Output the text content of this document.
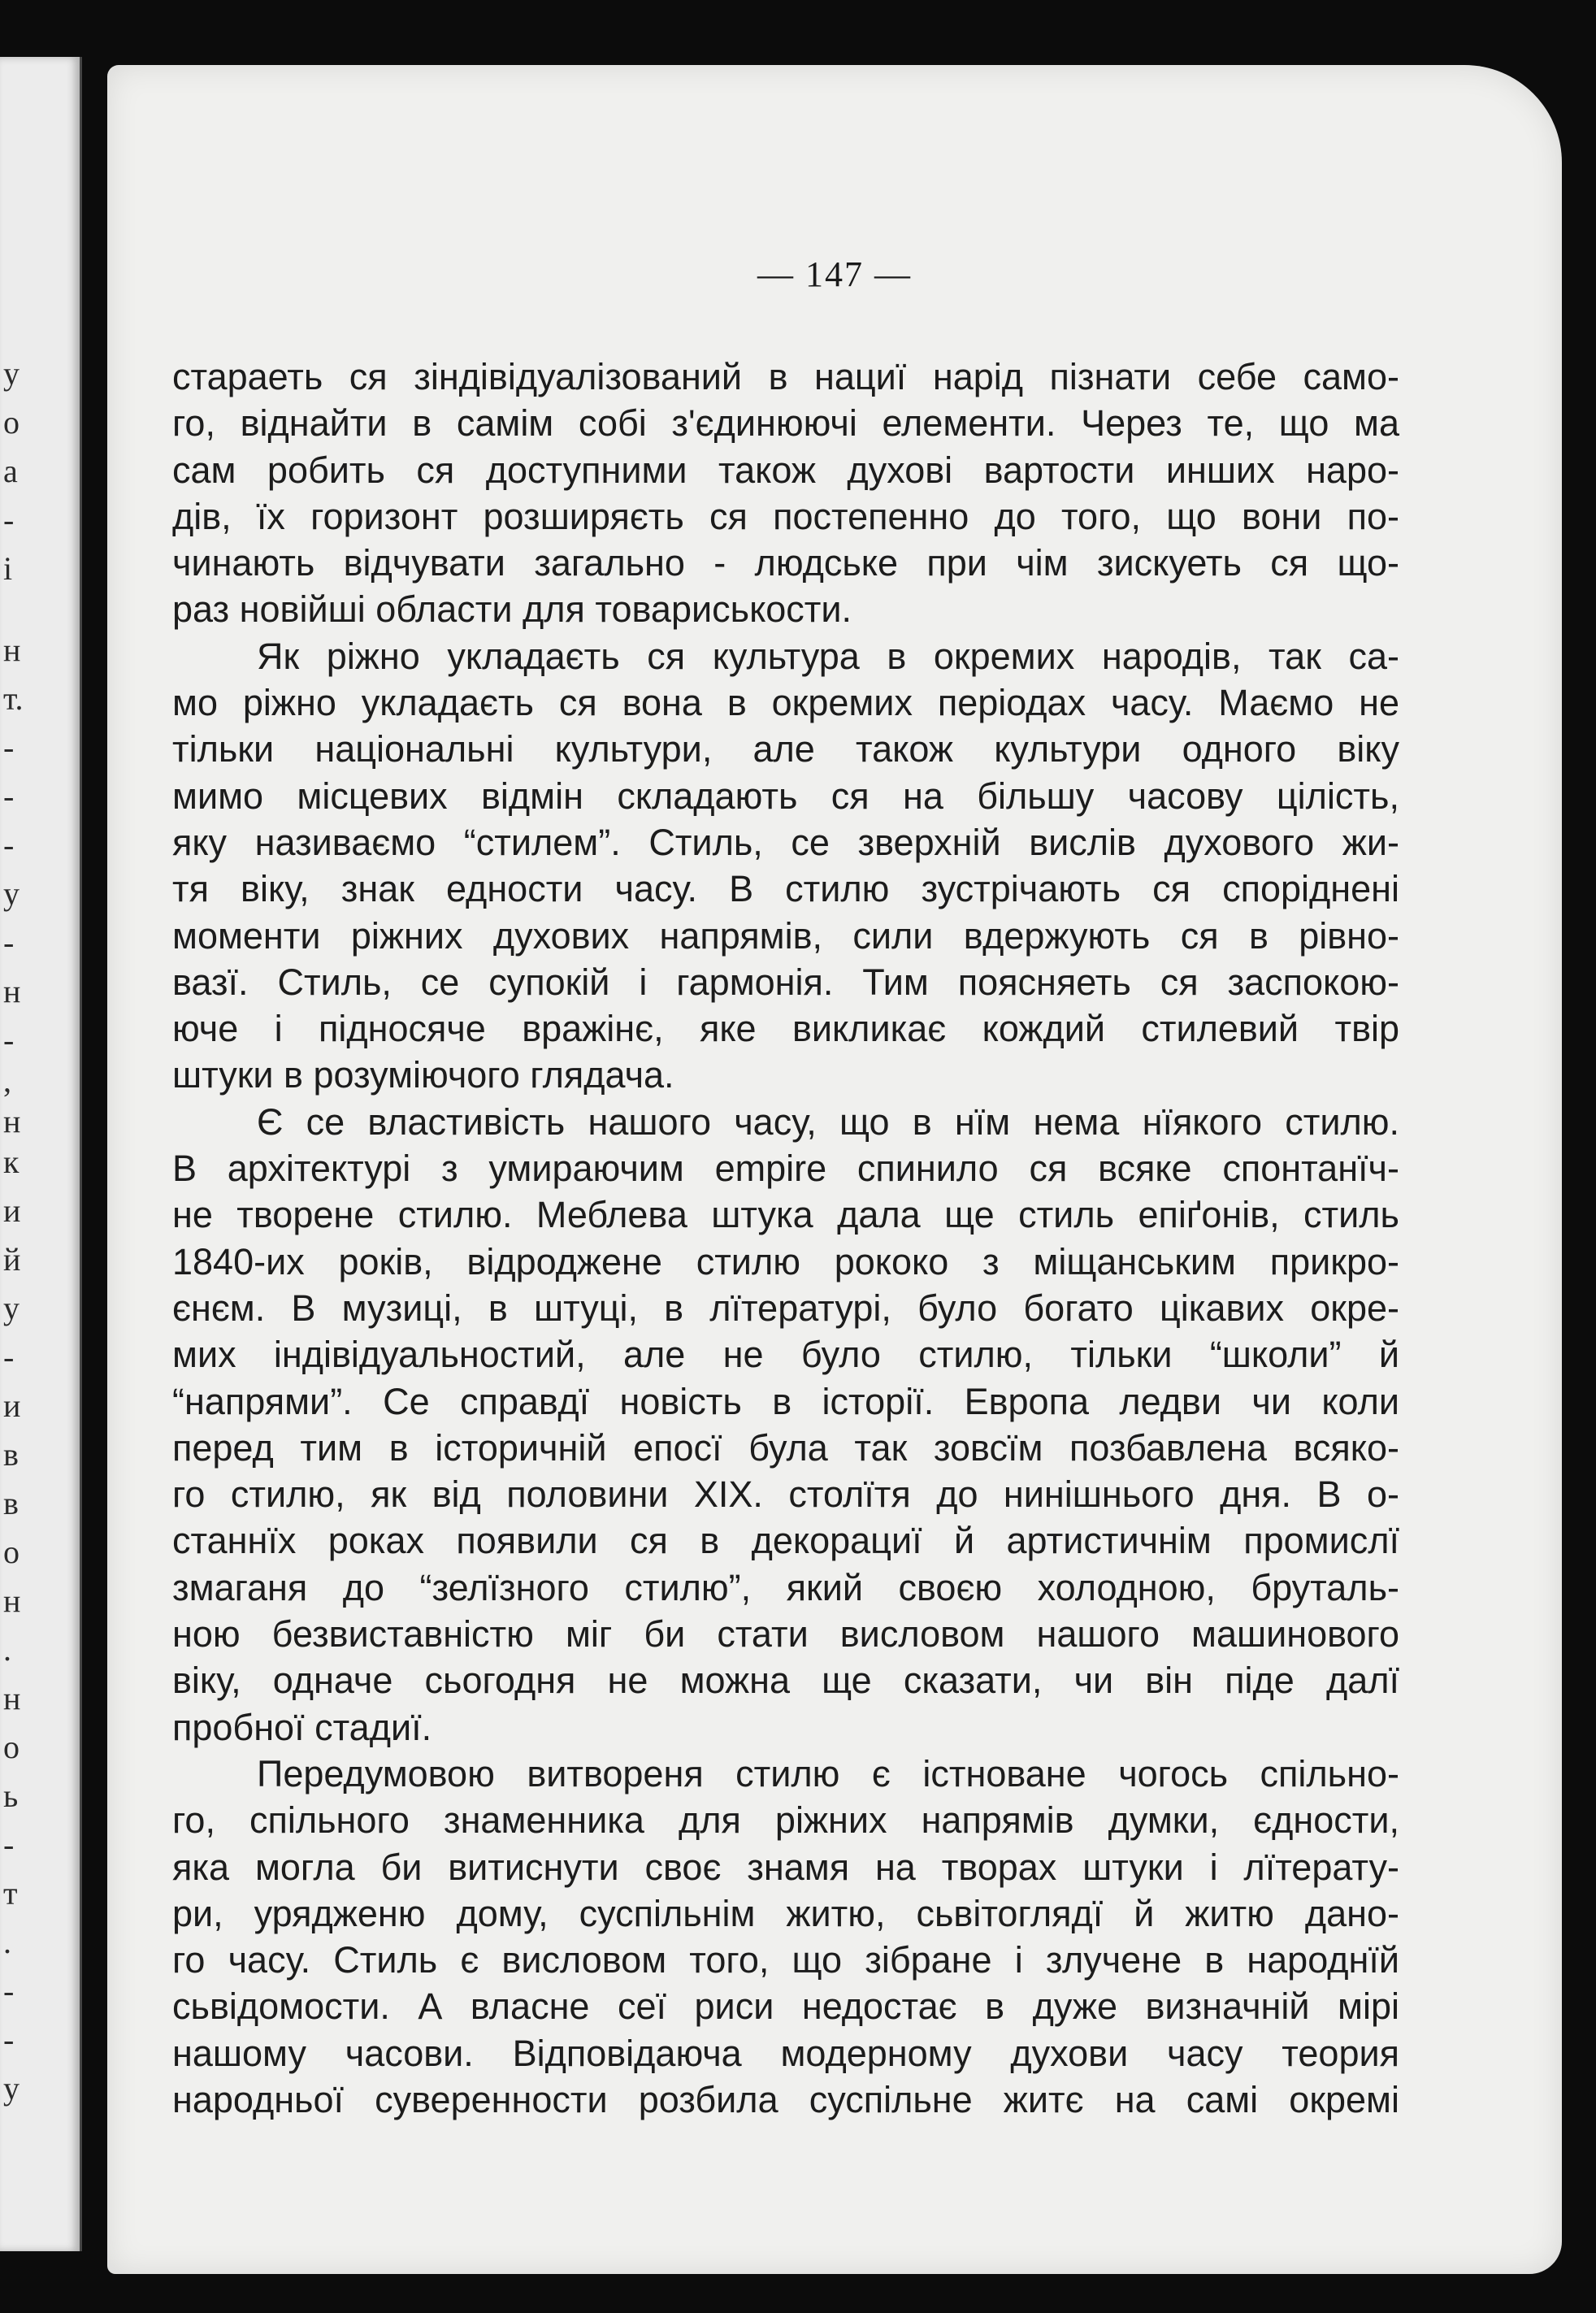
у
о
а
-
і
н
т.
-
-
-
у
-
н
-
,
н
к
и
й
у
-
и
в
в
о
н
.
н
о
ь
-
т
.
-
-
у
— 147 —
стараеть ся зіндівідуалізований в нациї нарід пізнати себе само-
го, віднайти в самім собі з'єдинюючі елементи. Через те, що ма
сам робить ся доступними також духові вартости инших наро-
дів, їх горизонт розширяєть ся постепенно до того, що вони по-
чинають відчувати загально - людське при чім зискуеть ся що-
раз новійші области для товариськости.
Як ріжно укладаєть ся культура в окремих народів, так са-
мо ріжно укладаєть ся вона в окремих періодах часу. Маємо не
тільки національні культури, але також культури одного віку
мимо місцевих відмін складають ся на більшу часову цілість,
яку називаємо “стилем”. Стиль, се зверхній вислів духового жи-
тя віку, знак едности часу. В стилю зустрічають ся споріднені
моменти ріжних духових напрямів, сили вдержують ся в рівно-
вазї. Стиль, се супокій і гармонія. Тим поясняеть ся заспокою-
юче і підносяче вражінє, яке викликає кождий стилевий твір
штуки в розуміючого глядача.
Є се властивість нашого часу, що в нїм нема нїякого стилю.
В архітектурі з умираючим empire спинило ся всяке спонтанїч-
не творене стилю. Меблева штука дала ще стиль епіґонів, стиль
1840-их років, відроджене стилю рококо з міщанським прикро-
єнєм. В музиці, в штуці, в лїтературі, було богато цікавих окре-
мих індівідуальностий, але не було стилю, тільки “школи” й
“напрями”. Се справдї новість в історії. Европа ледви чи коли
перед тим в історичній епосї була так зовсїм позбавлена всяко-
го стилю, як від половини XIX. столїтя до нинішнього дня. В о-
станнїх роках появили ся в декорациї й артистичнім промислї
змаганя до “зелїзного стилю”, який своєю холодною, бруталь-
ною безвиставністю міг би стати висловом нашого машинового
віку, одначе сьогодня не можна ще сказати, чи він піде далї
пробної стадиї.
Передумовою витвореня стилю є істноване чогось спільно-
го, спільного знаменника для ріжних напрямів думки, єдности,
яка могла би витиснути своє знамя на творах штуки і лїтерату-
ри, урядженю дому, суспільнім житю, сьвітоглядї й житю дано-
го часу. Стиль є висловом того, що зібране і злучене в народнїй
сьвідомости. А власне сеї риси недостає в дуже визначній мірі
нашому часови. Відповідаюча модерному духови часу теория
народньої суверенности розбила суспільне житє на самі окремі
